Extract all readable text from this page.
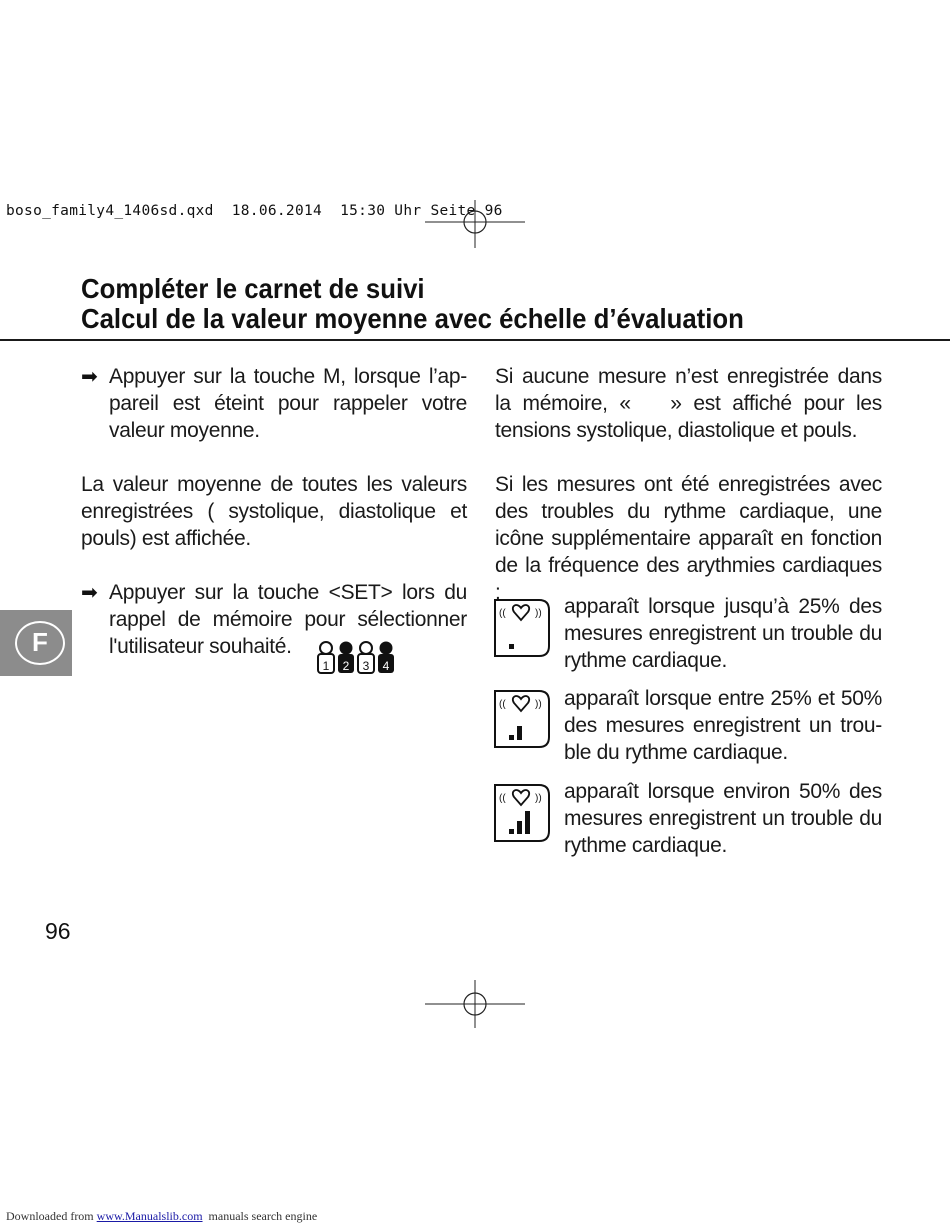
boso_family4_1406sd.qxd 18.06.2014 15:30 Uhr Seite 96
Compléter le carnet de suivi
Calcul de la valeur moyenne avec échelle d’évaluation
➡ Appuyer sur la touche M, lorsque l’ap-pareil est éteint pour rappeler votre valeur moyenne.

La valeur moyenne de toutes les valeurs enregistrées ( systolique, diastolique et pouls) est affichée.

➡ Appuyer sur la touche <SET> lors du rappel de mémoire pour sélectionner

l'utilisateur souhaité.

1 2 3 4
F

Si aucune mesure n’est enregistrée dans la mémoire, « » est affiché pour les tensions systolique, diastolique et pouls.

Si les mesures ont été enregistrées avec des troubles du rythme cardiaque, une icône supplémentaire apparaît en fonction de la fréquence des arythmies cardiaques :

((	)) apparaît lorsque jusqu’à 25% des mesures enregistrent un trouble du rythme cardiaque.
((	)) apparaît lorsque entre 25% et 50% des mesures enregistrent un trou-ble du rythme cardiaque.
((	)) apparaît lorsque environ 50% des mesures enregistrent un trouble du rythme cardiaque.
96
Downloaded from www.Manualslib.com  manuals search engine
